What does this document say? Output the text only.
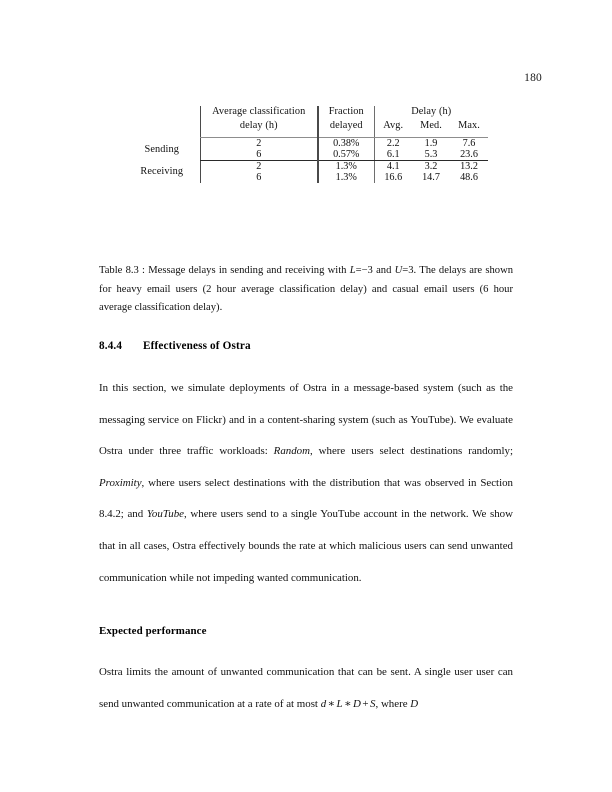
180
	Average classification	Fraction	Delay (h)		
	delay (h)	delayed	Avg.	Med.	Max.
Sending	2	0.38%	2.2	1.9	7.6
	6	0.57%	6.1	5.3	23.6
Receiving	2	1.3%	4.1	3.2	13.2
	6	1.3%	16.6	14.7	48.6
Table 8.3 : Message delays in sending and receiving with L=−3 and U=3. The delays are shown for heavy email users (2 hour average classification delay) and casual email users (6 hour average classification delay).
8.4.4 Effectiveness of Ostra
In this section, we simulate deployments of Ostra in a message-based system (such as the messaging service on Flickr) and in a content-sharing system (such as YouTube). We evaluate Ostra under three traffic workloads: Random, where users select destinations randomly; Proximity, where users select destinations with the distribution that was observed in Section 8.4.2; and YouTube, where users send to a single YouTube account in the network. We show that in all cases, Ostra effectively bounds the rate at which malicious users can send unwanted communication while not impeding wanted communication.
Expected performance
Ostra limits the amount of unwanted communication that can be sent. A single user user can send unwanted communication at a rate of at most d ∗ L ∗ D + S, where D
